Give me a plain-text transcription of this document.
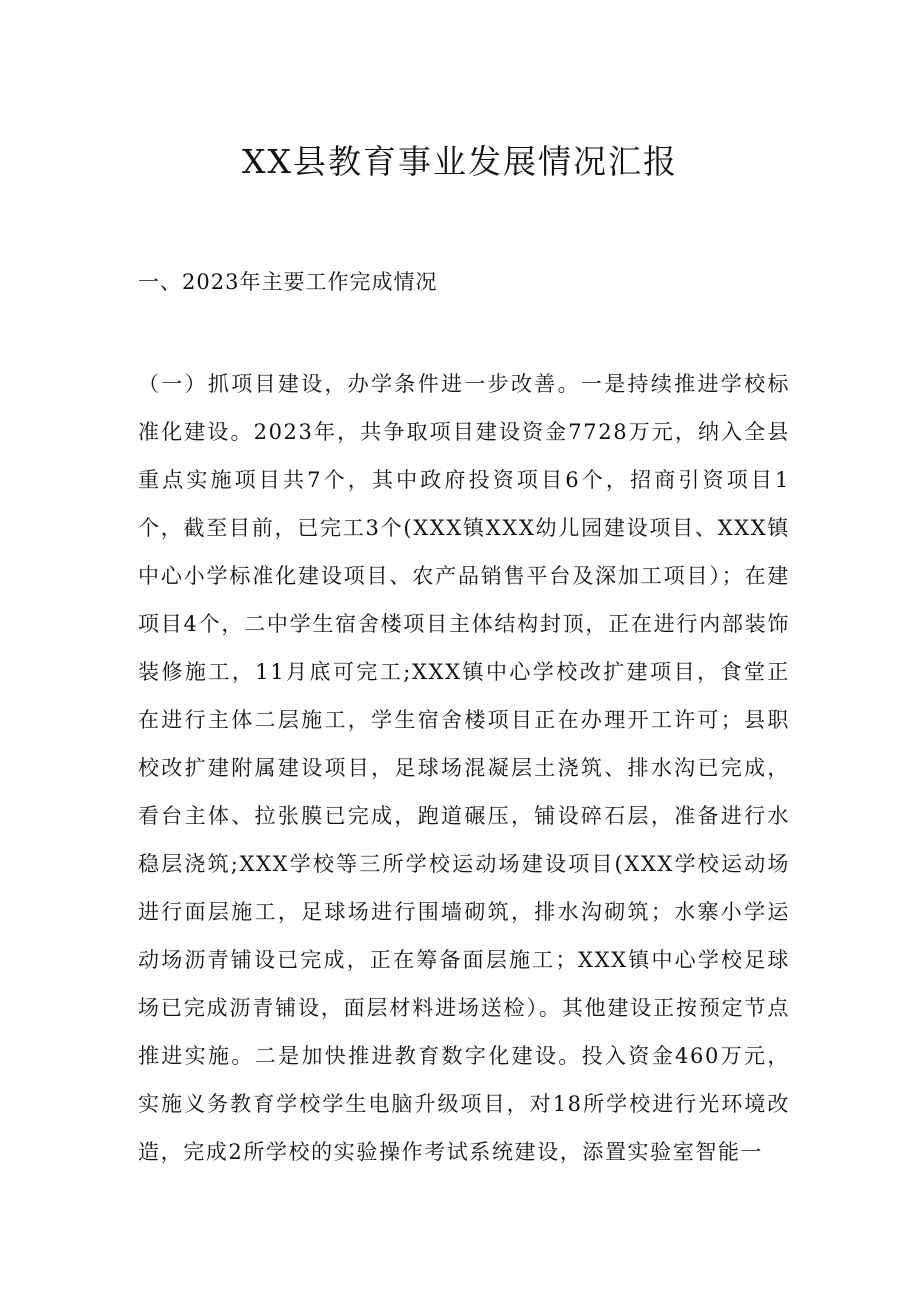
XX县教育事业发展情况汇报
一、2023年主要工作完成情况

（一）抓项目建设，办学条件进一步改善。一是持续推进学校标准化建设。2023年，共争取项目建设资金7728万元，纳入全县重点实施项目共7个，其中政府投资项目6个，招商引资项目1个，截至目前，已完工3个(XXX镇XXX幼儿园建设项目、XXX镇中心小学标准化建设项目、农产品销售平台及深加工项目）；在建项目4个，二中学生宿舍楼项目主体结构封顶，正在进行内部装饰装修施工，11月底可完工;XXX镇中心学校改扩建项目，食堂正在进行主体二层施工，学生宿舍楼项目正在办理开工许可；县职校改扩建附属建设项目，足球场混凝层土浇筑、排水沟已完成，看台主体、拉张膜已完成，跑道碾压，铺设碎石层，准备进行水稳层浇筑;XXX学校等三所学校运动场建设项目(XXX学校运动场进行面层施工，足球场进行围墙砌筑，排水沟砌筑；水寨小学运动场沥青铺设已完成，正在筹备面层施工；XXX镇中心学校足球场已完成沥青铺设，面层材料进场送检）。其他建设正按预定节点推进实施。二是加快推进教育数字化建设。投入资金460万元，实施义务教育学校学生电脑升级项目，对18所学校进行光环境改造，完成2所学校的实验操作考试系统建设，添置实验室智能一
